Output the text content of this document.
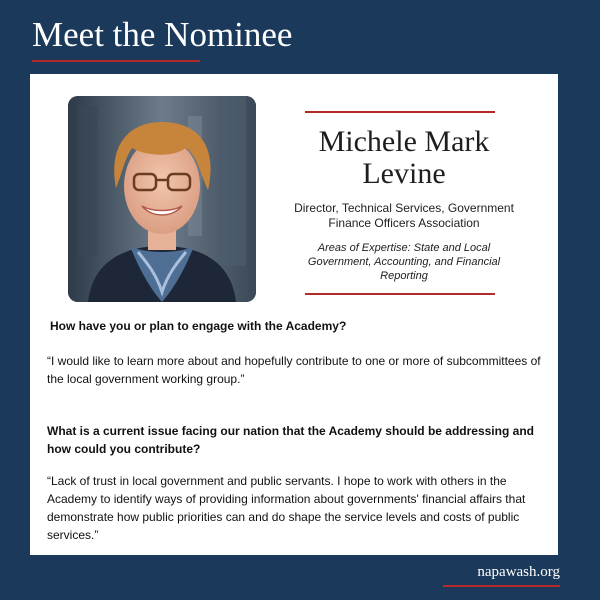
Meet the Nominee
Michele Mark Levine
Director, Technical Services, Government Finance Officers Association
Areas of Expertise: State and Local Government, Accounting, and Financial Reporting
How have you or plan to engage with the Academy?
“I would like to learn more about and hopefully contribute to one or more of subcommittees of the local government working group.”
What is a current issue facing our nation that the Academy should be addressing and how could you contribute?
“Lack of trust in local government and public servants. I hope to work with others in the Academy to identify ways of providing information about governments' financial affairs that demonstrate how public priorities can and do shape the service levels and costs of public services.”
napawash.org
